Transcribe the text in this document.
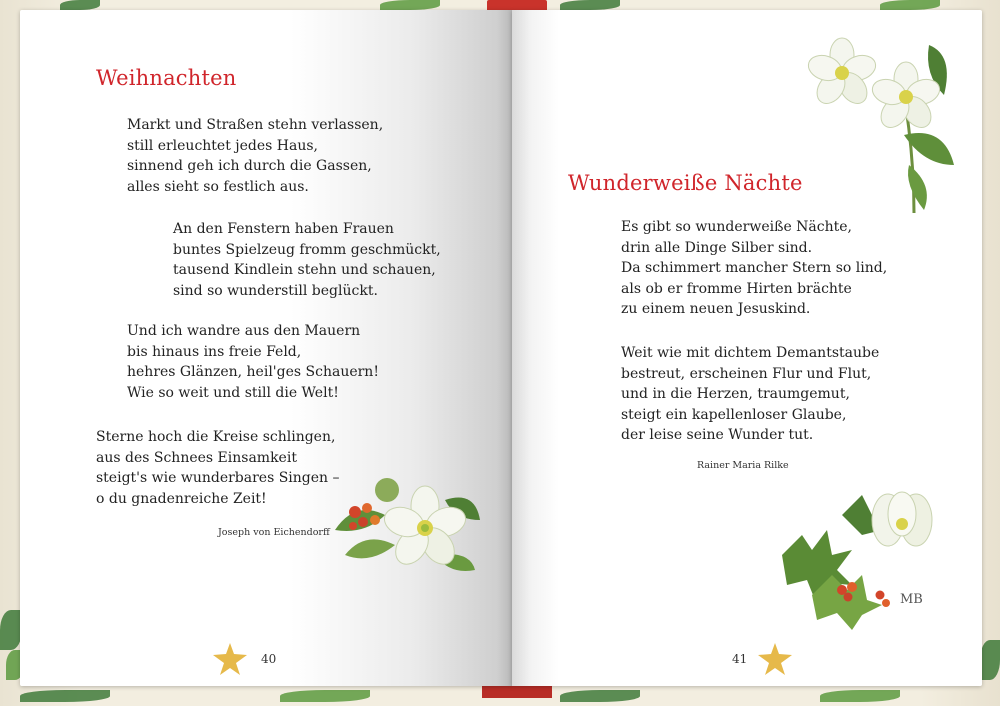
Weihnachten
Markt und Straßen stehn verlassen,
still erleuchtet jedes Haus,
sinnend geh ich durch die Gassen,
alles sieht so festlich aus.
An den Fenstern haben Frauen
buntes Spielzeug fromm geschmückt,
tausend Kindlein stehn und schauen,
sind so wunderstill beglückt.
Und ich wandre aus den Mauern
bis hinaus ins freie Feld,
hehres Glänzen, heil'ges Schauern!
Wie so weit und still die Welt!
Sterne hoch die Kreise schlingen,
aus des Schnees Einsamkeit
steigt's wie wunderbares Singen –
o du gnadenreiche Zeit!
Joseph von Eichendorff
40
Wunderweiße Nächte
Es gibt so wunderweiße Nächte,
drin alle Dinge Silber sind.
Da schimmert mancher Stern so lind,
als ob er fromme Hirten brächte
zu einem neuen Jesuskind.
Weit wie mit dichtem Demantstaube
bestreut, erscheinen Flur und Flut,
und in die Herzen, traumgemut,
steigt ein kapellenloser Glaube,
der leise seine Wunder tut.
Rainer Maria Rilke
MB
41
